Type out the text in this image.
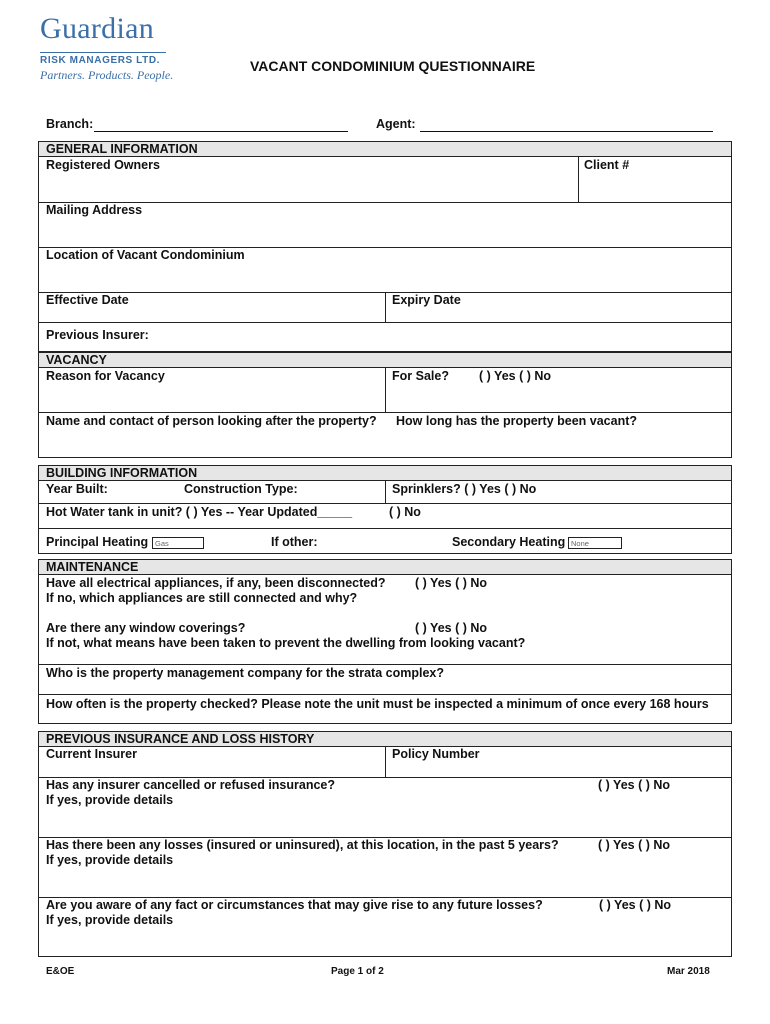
Guardian
RISK MANAGERS LTD.
Partners. Products. People.
VACANT CONDOMINIUM QUESTIONNAIRE
Branch:	Agent:
GENERAL INFORMATION
Registered Owners	Client #
Mailing Address
Location of Vacant Condominium
Effective Date	Expiry Date
Previous Insurer:
VACANCY
Reason for Vacancy	For Sale? ( ) Yes ( ) No
Name and contact of person looking after the property? How long has the property been vacant?
BUILDING INFORMATION
Year Built:	Construction Type:	Sprinklers? ( ) Yes ( ) No
Hot Water tank in unit? ( ) Yes -- Year Updated_____	( ) No
Principal Heating Gas	If other:	Secondary Heating None
MAINTENANCE
Have all electrical appliances, if any, been disconnected? ( ) Yes ( ) No
If no, which appliances are still connected and why?
Are there any window coverings?	( ) Yes ( ) No
If not, what means have been taken to prevent the dwelling from looking vacant?
Who is the property management company for the strata complex?
How often is the property checked? Please note the unit must be inspected a minimum of once every 168 hours
PREVIOUS INSURANCE AND LOSS HISTORY
Current Insurer	Policy Number
Has any insurer cancelled or refused insurance?	( ) Yes ( ) No
If yes, provide details
Has there been any losses (insured or uninsured), at this location, in the past 5 years?	( ) Yes ( ) No
If yes, provide details
Are you aware of any fact or circumstances that may give rise to any future losses?	( ) Yes ( ) No
If yes, provide details
E&OE	Page 1 of 2	Mar 2018
